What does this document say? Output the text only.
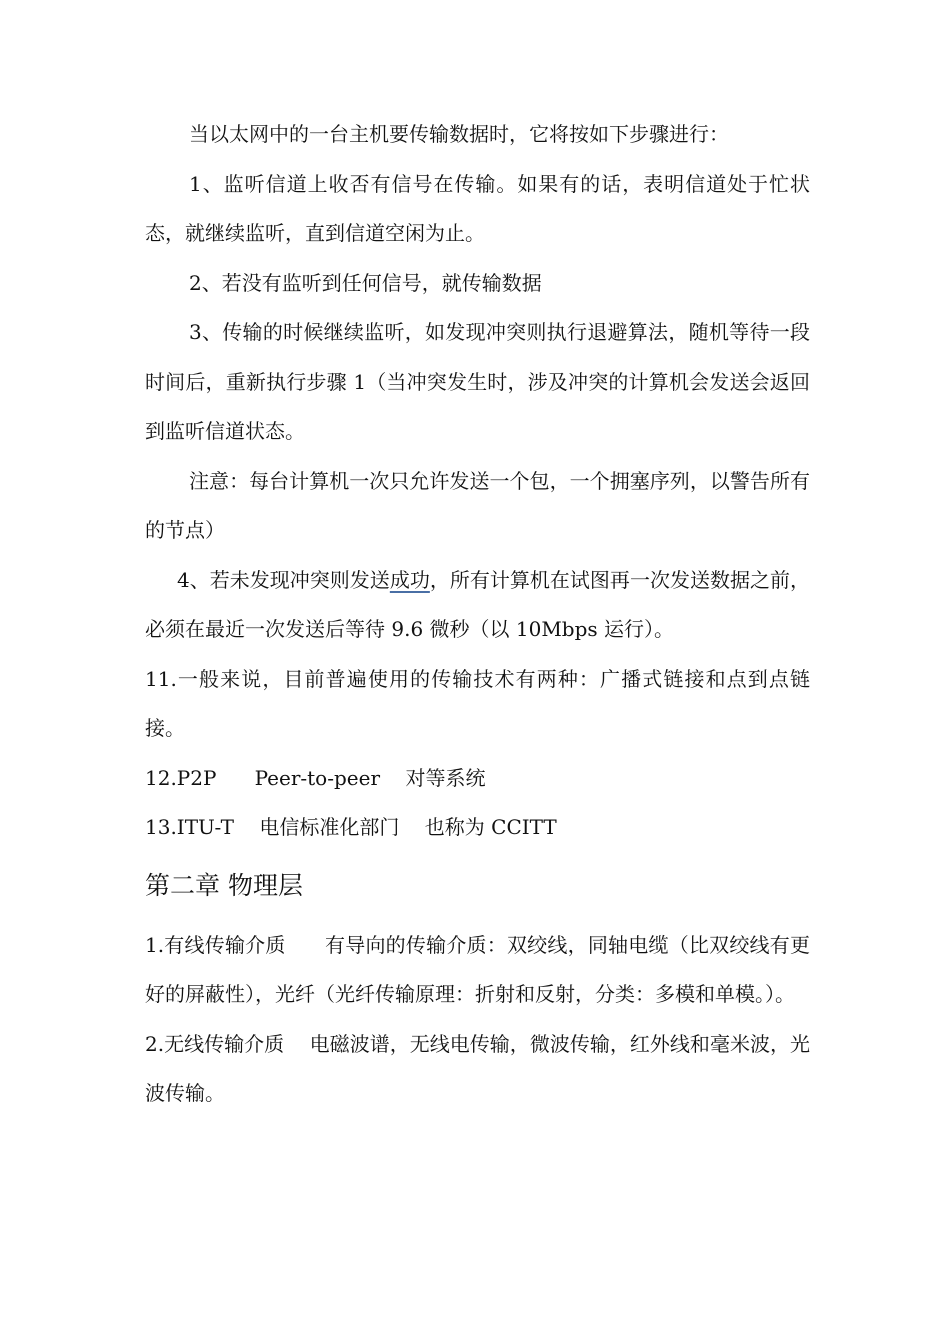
当以太网中的一台主机要传输数据时，它将按如下步骤进行：

1、监听信道上收否有信号在传输。如果有的话，表明信道处于忙状态，就继续监听，直到信道空闲为止。

2、若没有监听到任何信号，就传输数据

3、传输的时候继续监听，如发现冲突则执行退避算法，随机等待一段时间后，重新执行步骤 1（当冲突发生时，涉及冲突的计算机会发送会返回到监听信道状态。

注意：每台计算机一次只允许发送一个包，一个拥塞序列，以警告所有的节点）

4、若未发现冲突则发送成功，所有计算机在试图再一次发送数据之前，必须在最近一次发送后等待 9.6 微秒（以 10Mbps 运行）。

11.一般来说，目前普遍使用的传输技术有两种：广播式链接和点到点链接。

12.P2P      Peer-to-peer    对等系统

13.ITU-T    电信标准化部门    也称为 CCITT

第二章 物理层

1.有线传输介质      有导向的传输介质：双绞线，同轴电缆（比双绞线有更好的屏蔽性），光纤（光纤传输原理：折射和反射，分类：多模和单模。）。

2.无线传输介质    电磁波谱，无线电传输，微波传输，红外线和毫米波，光波传输。
